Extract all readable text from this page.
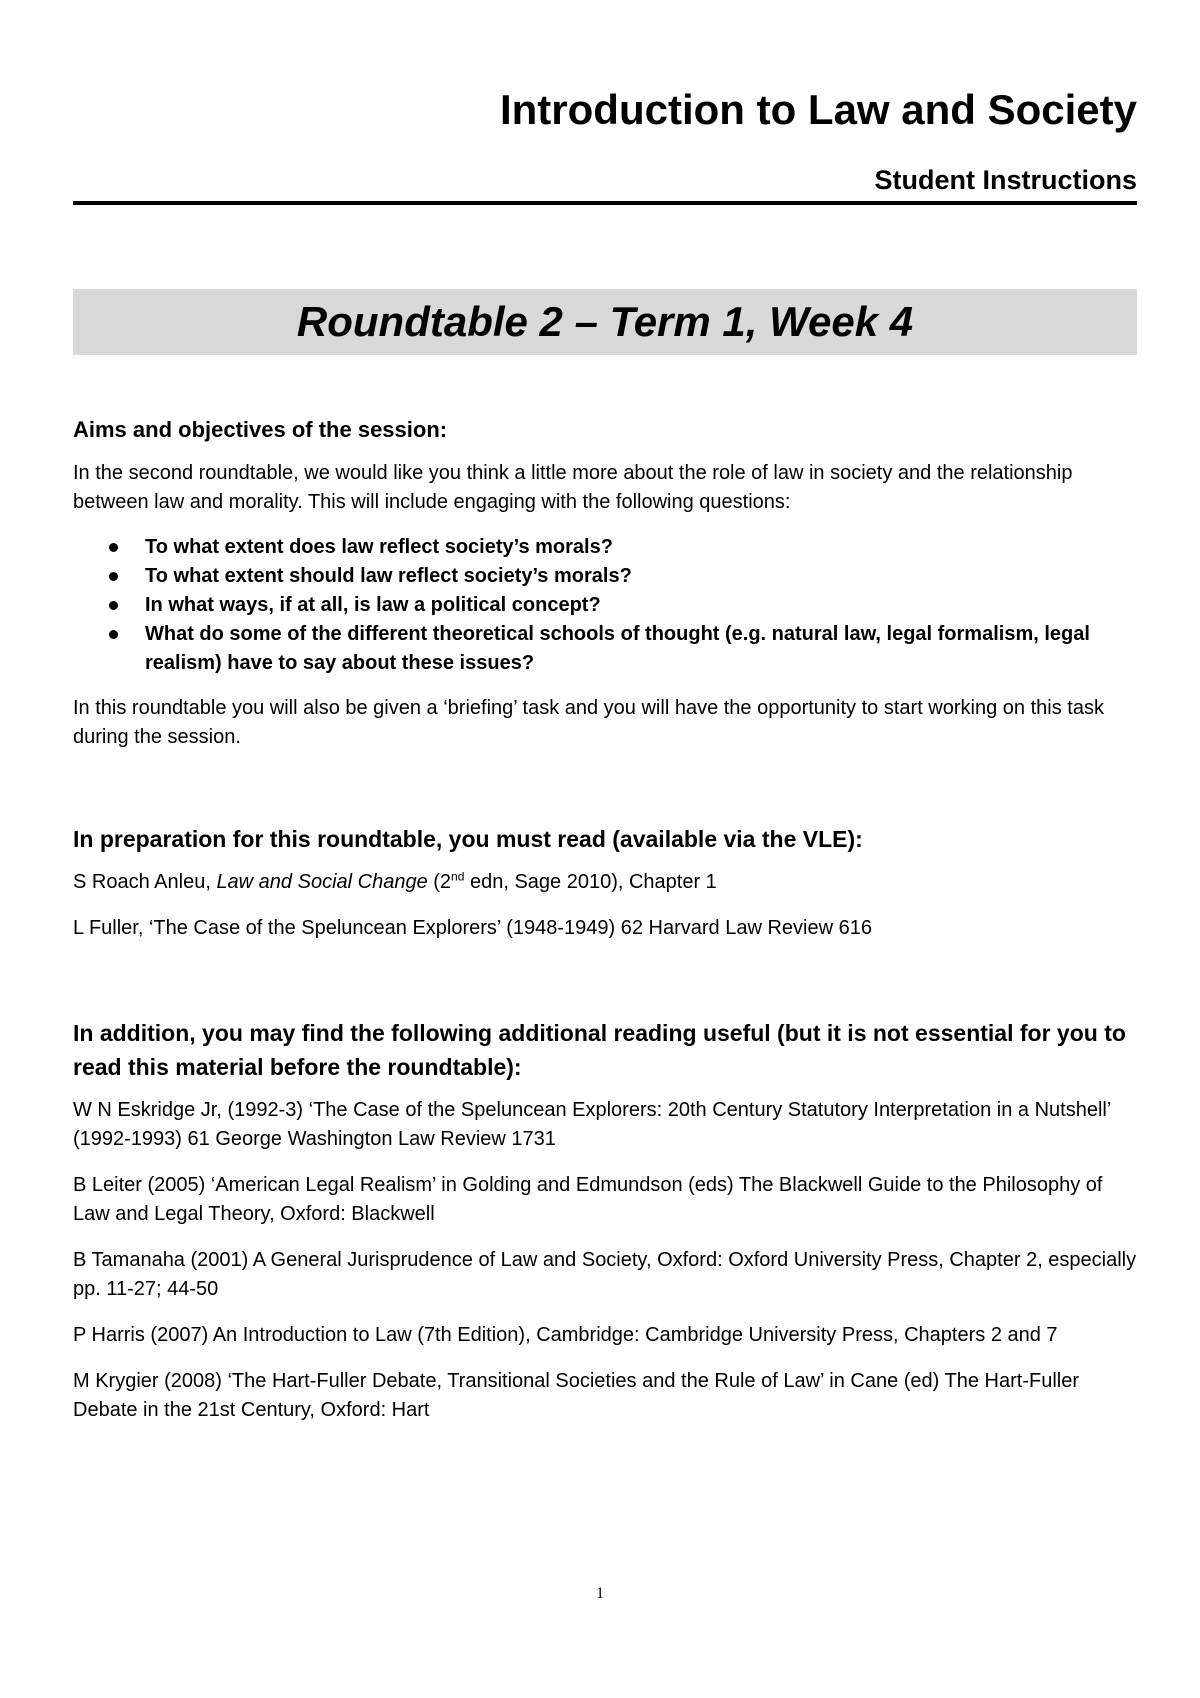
Introduction to Law and Society
Student Instructions
Roundtable 2 – Term 1, Week 4
Aims and objectives of the session:

In the second roundtable, we would like you think a little more about the role of law in society and the relationship between law and morality. This will include engaging with the following questions:

To what extent does law reflect society’s morals?
To what extent should law reflect society’s morals?
In what ways, if at all, is law a political concept?
What do some of the different theoretical schools of thought (e.g. natural law, legal formalism, legal realism) have to say about these issues?

In this roundtable you will also be given a ‘briefing’ task and you will have the opportunity to start working on this task during the session.

In preparation for this roundtable, you must read (available via the VLE):

S Roach Anleu, Law and Social Change (2nd edn, Sage 2010), Chapter 1

L Fuller, ‘The Case of the Speluncean Explorers’ (1948-1949) 62 Harvard Law Review 616

In addition, you may find the following additional reading useful (but it is not essential for you to read this material before the roundtable):

W N Eskridge Jr, (1992-3) ‘The Case of the Speluncean Explorers: 20th Century Statutory Interpretation in a Nutshell’ (1992-1993) 61 George Washington Law Review 1731

B Leiter (2005) ‘American Legal Realism’ in Golding and Edmundson (eds) The Blackwell Guide to the Philosophy of Law and Legal Theory, Oxford: Blackwell

B Tamanaha (2001) A General Jurisprudence of Law and Society, Oxford: Oxford University Press, Chapter 2, especially pp. 11-27; 44-50

P Harris (2007) An Introduction to Law (7th Edition), Cambridge: Cambridge University Press, Chapters 2 and 7

M Krygier (2008) ‘The Hart-Fuller Debate, Transitional Societies and the Rule of Law’ in Cane (ed) The Hart-Fuller Debate in the 21st Century, Oxford: Hart

1
